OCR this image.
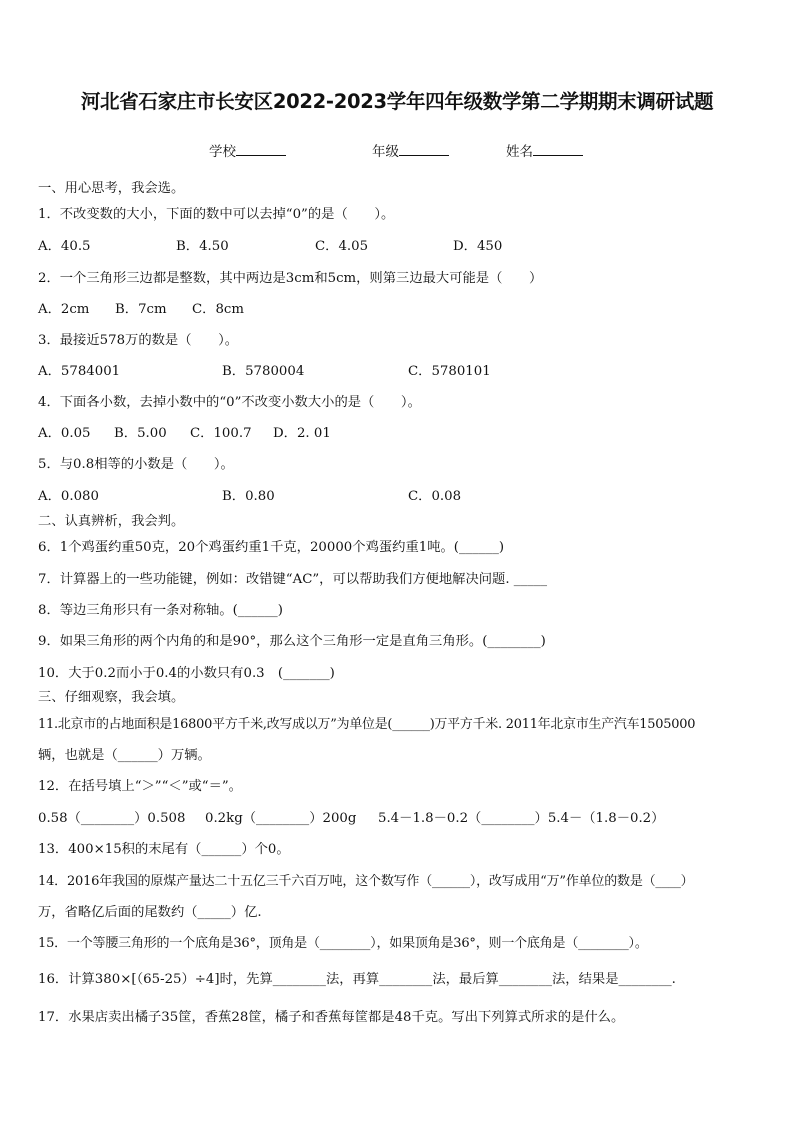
河北省石家庄市长安区2022-2023学年四年级数学第二学期期末调研试题
学校	年级	姓名
一、用心思考，我会选。
1．不改变数的大小，下面的数中可以去掉“0”的是（　　）。
A．40.5	B．4.50	C．4.05	D．450
2．一个三角形三边都是整数，其中两边是3cm和5cm，则第三边最大可能是（　　）
A．2cm B．7cm C．8cm
3．最接近578万的数是（　　）。
A．5784001	B．5780004	C．5780101
4．下面各小数，去掉小数中的“0”不改变小数大小的是（　　）。
A．0.05 B．5.00 C．100.7 D．2. 01
5．与0.8相等的小数是（　　）。
A．0.080	B．0.80	C．0.08
二、认真辨析，我会判。
6．1个鸡蛋约重50克，20个鸡蛋约重1千克，20000个鸡蛋约重1吨。(______)
7．计算器上的一些功能键，例如：改错键“AC”，可以帮助我们方便地解决问题. _____
8．等边三角形只有一条对称轴。(______)
9．如果三角形的两个内角的和是90°，那么这个三角形一定是直角三角形。(________)
10．大于0.2而小于0.4的小数只有0.3　(_______)
三、仔细观察，我会填。
11.北京市的占地面积是16800平方千米,改写成以万”为单位是(______)万平方千米. 2011年北京市生产汽车1505000
辆，也就是（______）万辆。
12．在括号填上“＞”“＜”或“＝”。
0.58（________）0.508 0.2kg（________）200g 5.4－1.8－0.2（________）5.4－（1.8－0.2）
13．400×15积的末尾有（______）个0。
14．2016年我国的原煤产量达二十五亿三千六百万吨，这个数写作（______），改写成用“万”作单位的数是（____）
万，省略亿后面的尾数约（_____）亿.
15．一个等腰三角形的一个底角是36°，顶角是（________），如果顶角是36°，则一个底角是（________）。
16．计算380×[（65-25）÷4]时，先算________法，再算________法，最后算________法，结果是________.
17．水果店卖出橘子35筐，香蕉28筐，橘子和香蕉每筐都是48千克。写出下列算式所求的是什么。
